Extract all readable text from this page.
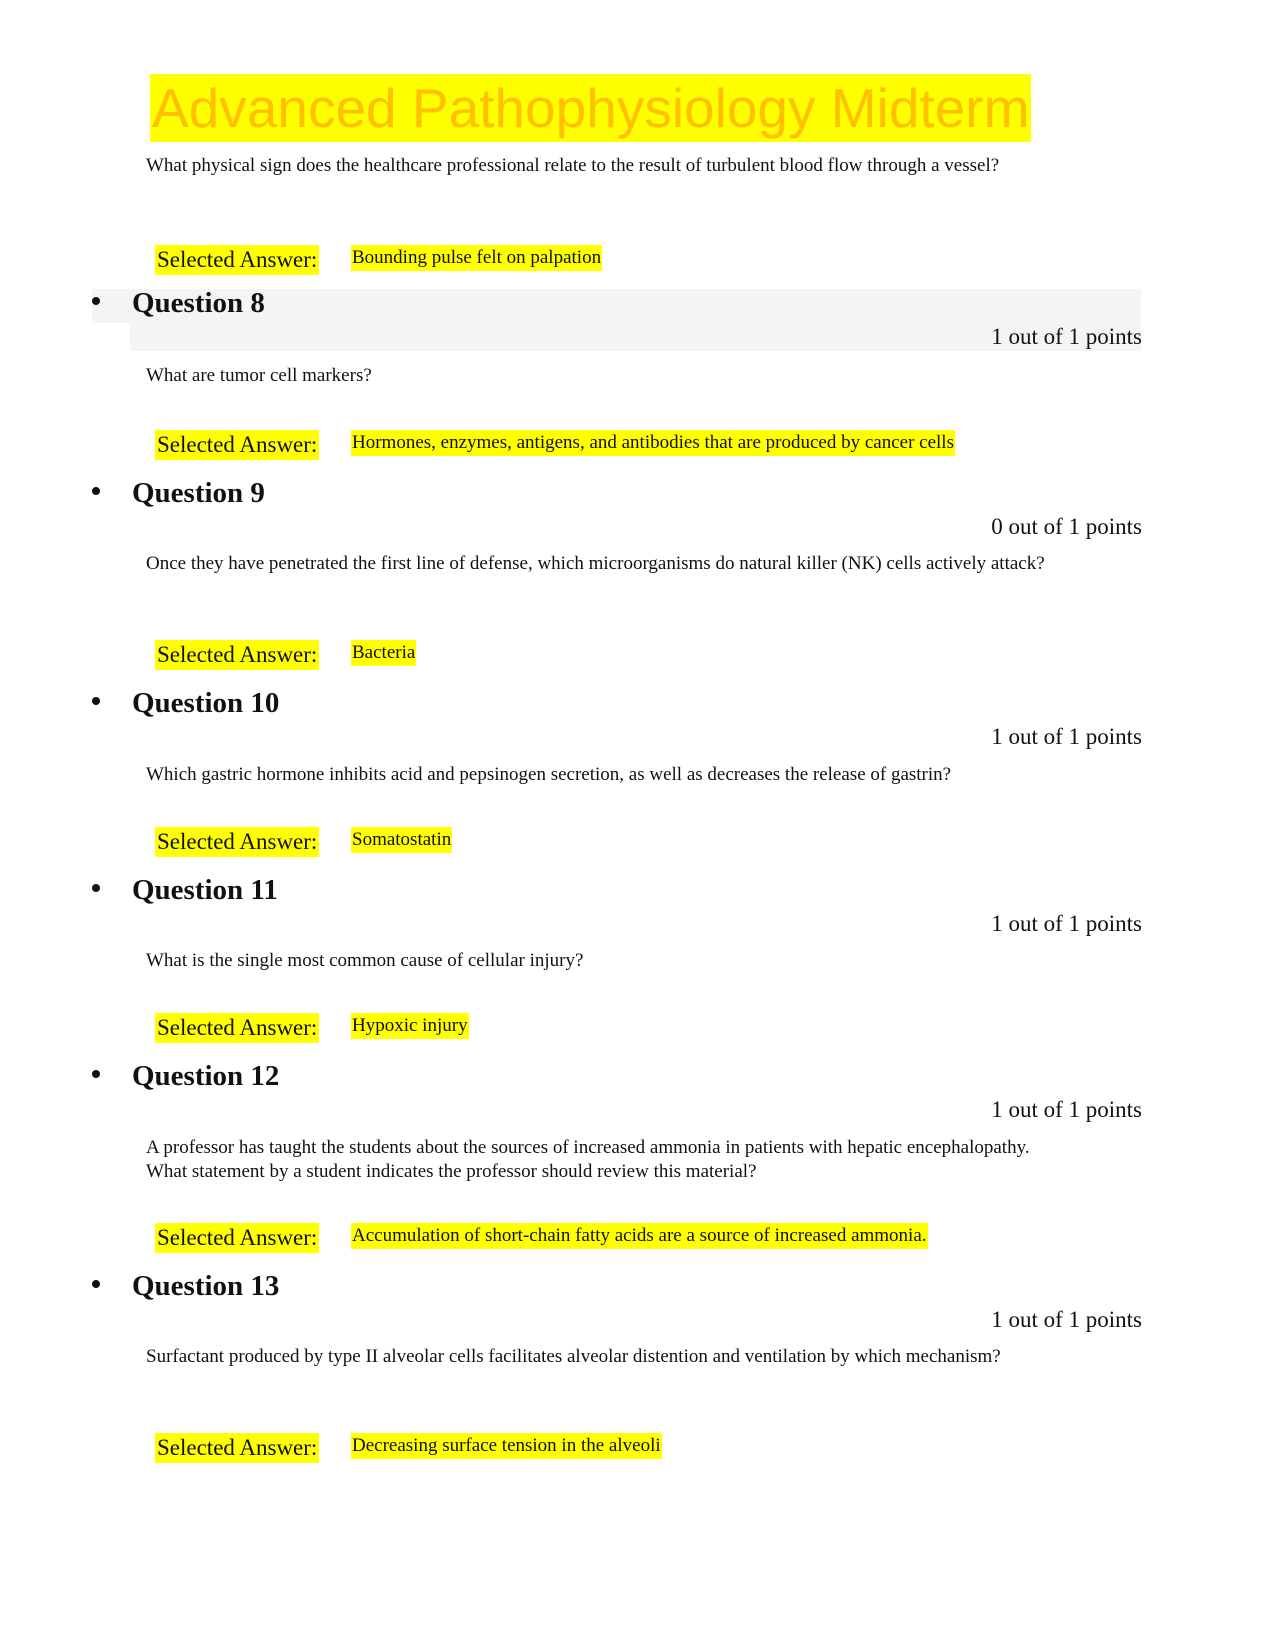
Advanced Pathophysiology Midterm
What physical sign does the healthcare professional relate to the result of turbulent blood flow through a vessel?
Selected Answer: Bounding pulse felt on palpation
Question 8
1 out of 1 points
What are tumor cell markers?
Selected Answer: Hormones, enzymes, antigens, and antibodies that are produced by cancer cells
Question 9
0 out of 1 points
Once they have penetrated the first line of defense, which microorganisms do natural killer (NK) cells actively attack?
Selected Answer: Bacteria
Question 10
1 out of 1 points
Which gastric hormone inhibits acid and pepsinogen secretion, as well as decreases the release of gastrin?
Selected Answer: Somatostatin
Question 11
1 out of 1 points
What is the single most common cause of cellular injury?
Selected Answer: Hypoxic injury
Question 12
1 out of 1 points
A professor has taught the students about the sources of increased ammonia in patients with hepatic encephalopathy. What statement by a student indicates the professor should review this material?
Selected Answer: Accumulation of short-chain fatty acids are a source of increased ammonia.
Question 13
1 out of 1 points
Surfactant produced by type II alveolar cells facilitates alveolar distention and ventilation by which mechanism?
Selected Answer: Decreasing surface tension in the alveoli
